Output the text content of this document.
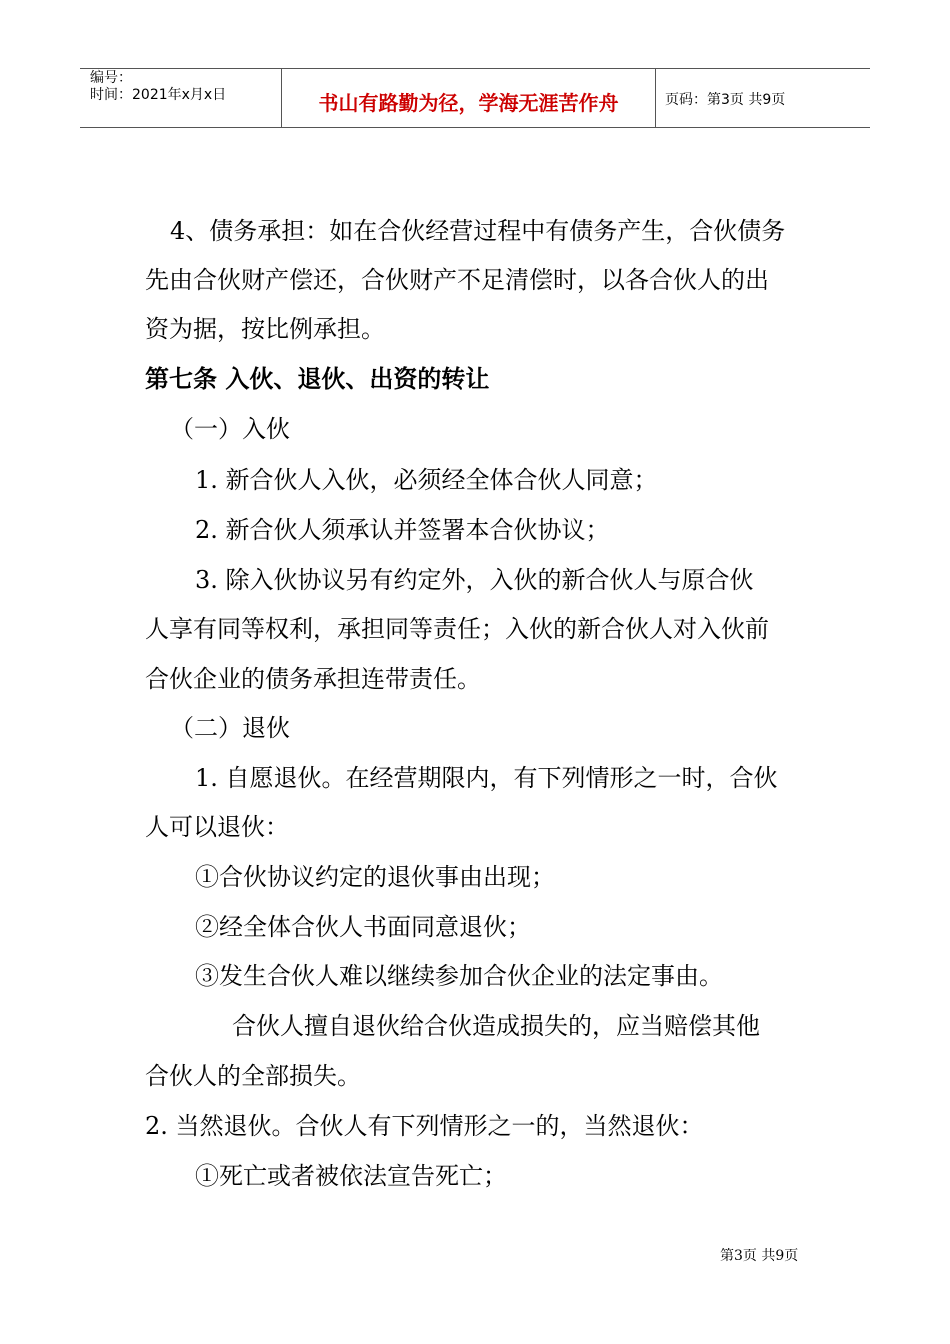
编号：
时间：2021年x月x日	书山有路勤为径，学海无涯苦作舟	页码：第3页 共9页
4、债务承担：如在合伙经营过程中有债务产生，合伙债务
先由合伙财产偿还，合伙财产不足清偿时，以各合伙人的出
资为据，按比例承担。
第七条 入伙、退伙、出资的转让
（一）入伙
1. 新合伙人入伙，必须经全体合伙人同意；
2. 新合伙人须承认并签署本合伙协议；
3. 除入伙协议另有约定外，入伙的新合伙人与原合伙
人享有同等权利，承担同等责任；入伙的新合伙人对入伙前
合伙企业的债务承担连带责任。
（二）退伙
1. 自愿退伙。在经营期限内，有下列情形之一时，合伙
人可以退伙：
①合伙协议约定的退伙事由出现；
②经全体合伙人书面同意退伙；
③发生合伙人难以继续参加合伙企业的法定事由。
合伙人擅自退伙给合伙造成损失的，应当赔偿其他
合伙人的全部损失。
2. 当然退伙。合伙人有下列情形之一的，当然退伙：
①死亡或者被依法宣告死亡；
第3页 共9页
